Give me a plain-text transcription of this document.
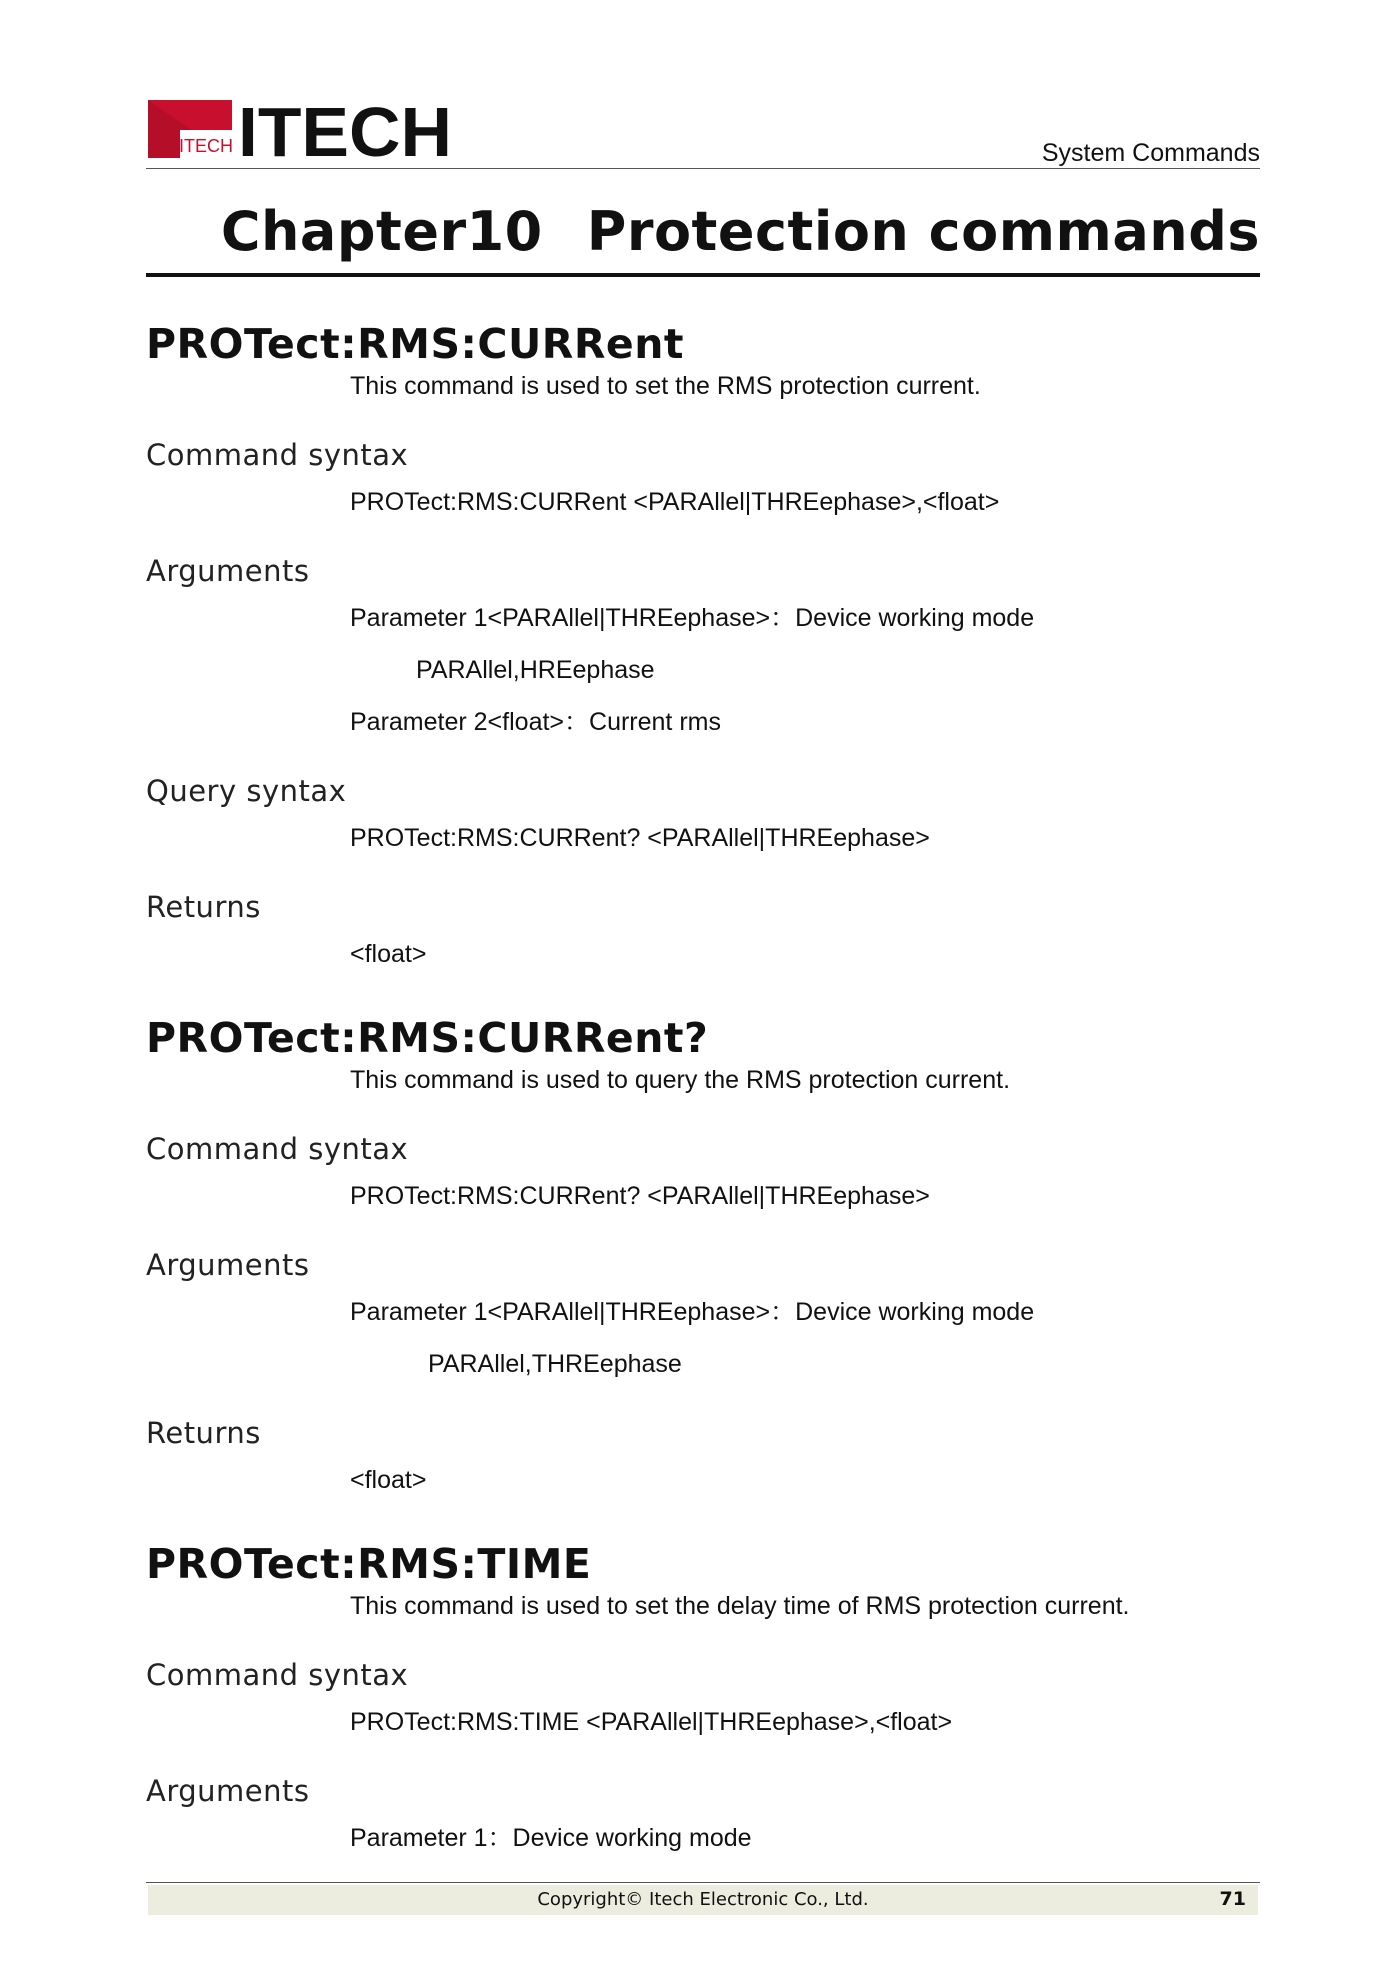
ITECH ITECH	System Commands
Chapter10 Protection commands
PROTect:RMS:CURRent

This command is used to set the RMS protection current.

Command syntax

PROTect:RMS:CURRent <PARAllel|THREephase>,<float>

Arguments

Parameter 1<PARAllel|THREephase>：Device working mode

PARAllel,HREephase

Parameter 2<float>：Current rms

Query syntax

PROTect:RMS:CURRent? <PARAllel|THREephase>

Returns

<float>

PROTect:RMS:CURRent?

This command is used to query the RMS protection current.

Command syntax

PROTect:RMS:CURRent? <PARAllel|THREephase>

Arguments

Parameter 1<PARAllel|THREephase>：Device working mode

PARAllel,THREephase

Returns

<float>

PROTect:RMS:TIME

This command is used to set the delay time of RMS protection current.

Command syntax

PROTect:RMS:TIME <PARAllel|THREephase>,<float>

Arguments

Parameter 1：Device working mode

Copyright© Itech Electronic Co., Ltd.	71
